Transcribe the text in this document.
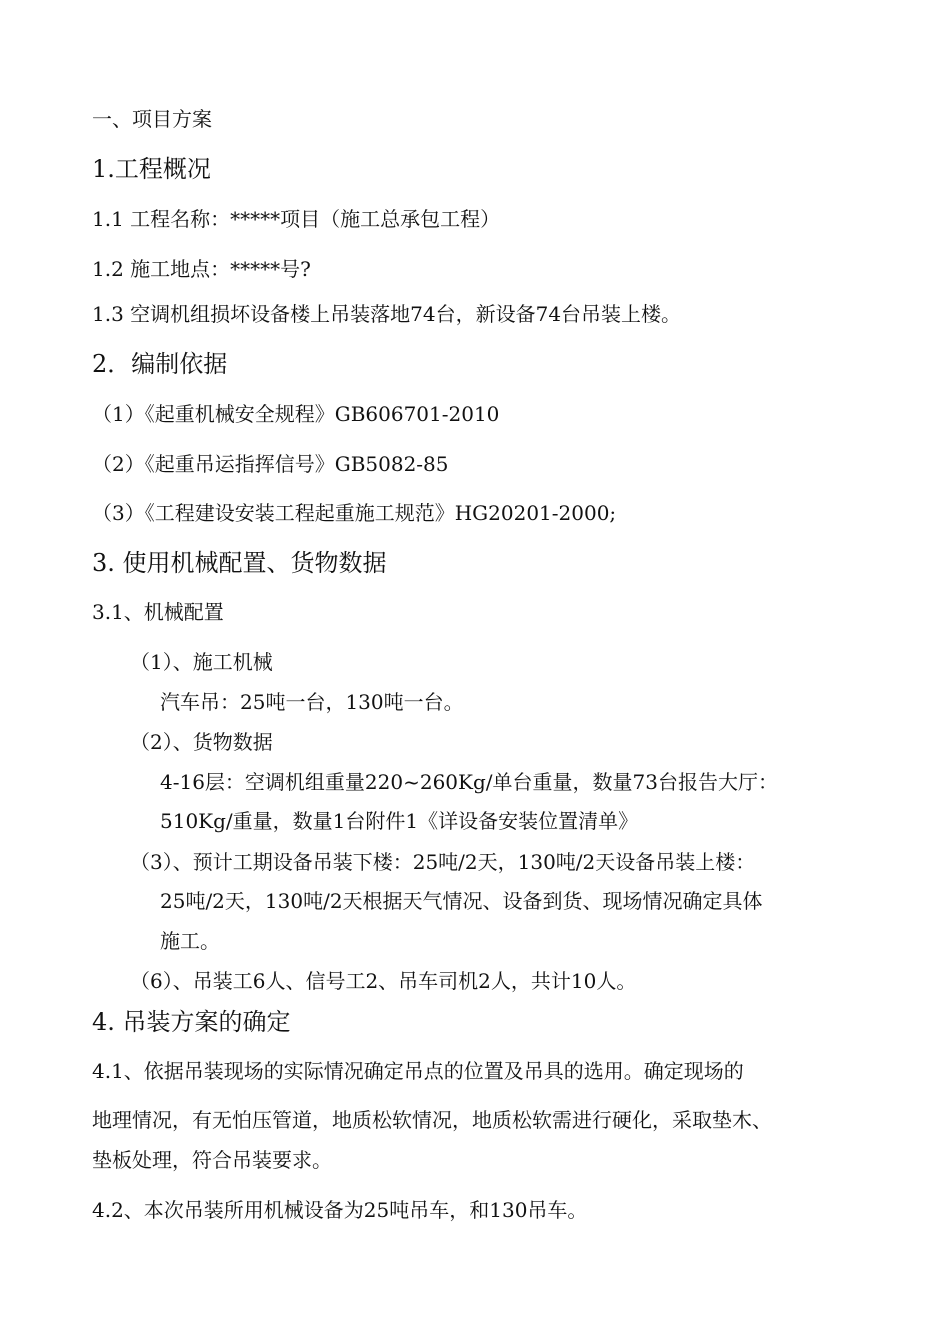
一、项目方案
1.工程概况
1.1 工程名称：*****项目（施工总承包工程）
1.2 施工地点：*****号?
1.3 空调机组损坏设备楼上吊装落地74台，新设备74台吊装上楼。
2．编制依据
（1）《起重机械安全规程》GB606701-2010
（2）《起重吊运指挥信号》GB5082-85
（3）《工程建设安装工程起重施工规范》HG20201-2000;
3. 使用机械配置、货物数据
3.1、机械配置
（1）、施工机械
汽车吊：25吨一台，130吨一台。
（2）、货物数据
4-16层：空调机组重量220~260Kg/单台重量，数量73台报告大厅：
510Kg/重量，数量1台附件1《详设备安装位置清单》
（3）、预计工期设备吊装下楼：25吨/2天，130吨/2天设备吊装上楼：
25吨/2天，130吨/2天根据天气情况、设备到货、现场情况确定具体
施工。
（6）、吊装工6人、信号工2、吊车司机2人，共计10人。
4. 吊装方案的确定
4.1、依据吊装现场的实际情况确定吊点的位置及吊具的选用。确定现场的
地理情况，有无怕压管道，地质松软情况，地质松软需进行硬化，采取垫木、
垫板处理，符合吊装要求。
4.2、本次吊装所用机械设备为25吨吊车，和130吊车。
